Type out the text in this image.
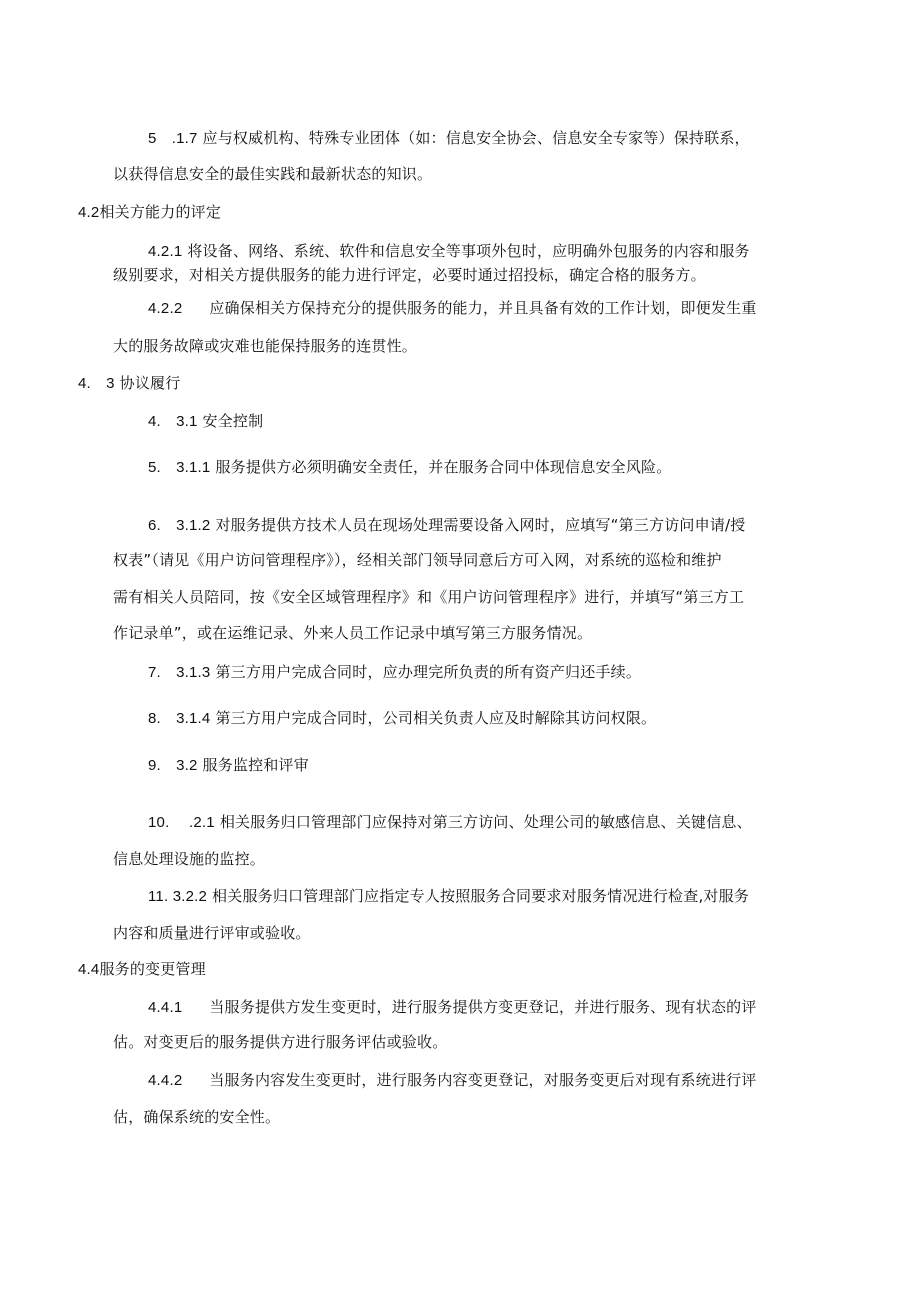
5　.1.7 应与权威机构、特殊专业团体（如：信息安全协会、信息安全专家等）保持联系，
以获得信息安全的最佳实践和最新状态的知识。
4.2相关方能力的评定
4.2.1 将设备、网络、系统、软件和信息安全等事项外包时，应明确外包服务的内容和服务
级别要求，对相关方提供服务的能力进行评定，必要时通过招投标，确定合格的服务方。
4.2.2 应确保相关方保持充分的提供服务的能力，并且具备有效的工作计划，即便发生重
大的服务故障或灾难也能保持服务的连贯性。
4.　3 协议履行
4.　3.1 安全控制
5.　3.1.1 服务提供方必须明确安全责任，并在服务合同中体现信息安全风险。
6.　3.1.2 对服务提供方技术人员在现场处理需要设备入网时，应填写“第三方访问申请/授
权表”（请见《用户访问管理程序》），经相关部门领导同意后方可入网，对系统的巡检和维护
需有相关人员陪同，按《安全区域管理程序》和《用户访问管理程序》进行，并填写“第三方工
作记录单”，或在运维记录、外来人员工作记录中填写第三方服务情况。
7.　3.1.3 第三方用户完成合同时，应办理完所负责的所有资产归还手续。
8.　3.1.4 第三方用户完成合同时，公司相关负责人应及时解除其访问权限。
9.　3.2 服务监控和评审
10.　 .2.1 相关服务归口管理部门应保持对第三方访问、处理公司的敏感信息、关键信息、
信息处理设施的监控。
11. 3.2.2 相关服务归口管理部门应指定专人按照服务合同要求对服务情况进行检查,对服务
内容和质量进行评审或验收。
4.4服务的变更管理
4.4.1 当服务提供方发生变更时，进行服务提供方变更登记，并进行服务、现有状态的评
估。对变更后的服务提供方进行服务评估或验收。
4.4.2 当服务内容发生变更时，进行服务内容变更登记，对服务变更后对现有系统进行评
估，确保系统的安全性。
